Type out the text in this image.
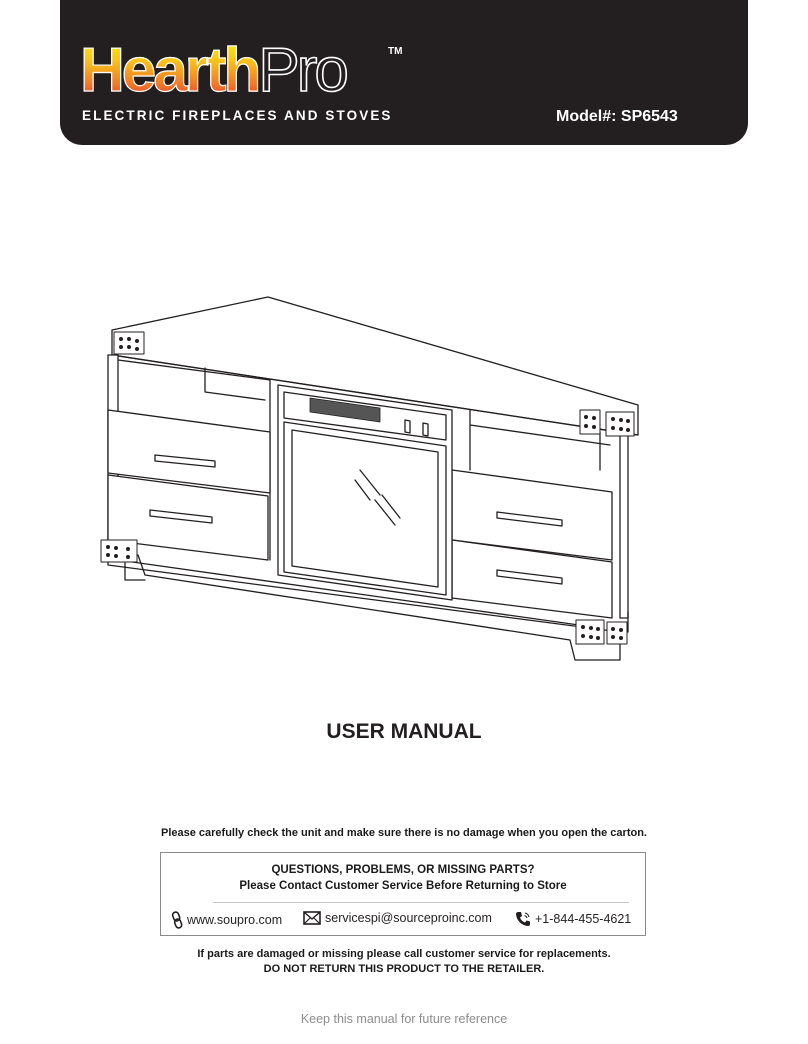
HearthPro	TM
ELECTRIC FIREPLACES AND STOVES	Model#: SP6543
USER MANUAL
Please carefully check the unit and make sure there is no damage when you open the carton.
QUESTIONS, PROBLEMS, OR MISSING PARTS?
Please Contact Customer Service Before Returning to Store
www.soupro.com	servicespi@sourceproinc.com	+1-844-455-4621
If parts are damaged or missing please call customer service for replacements.
DO NOT RETURN THIS PRODUCT TO THE RETAILER.
Keep this manual for future reference
